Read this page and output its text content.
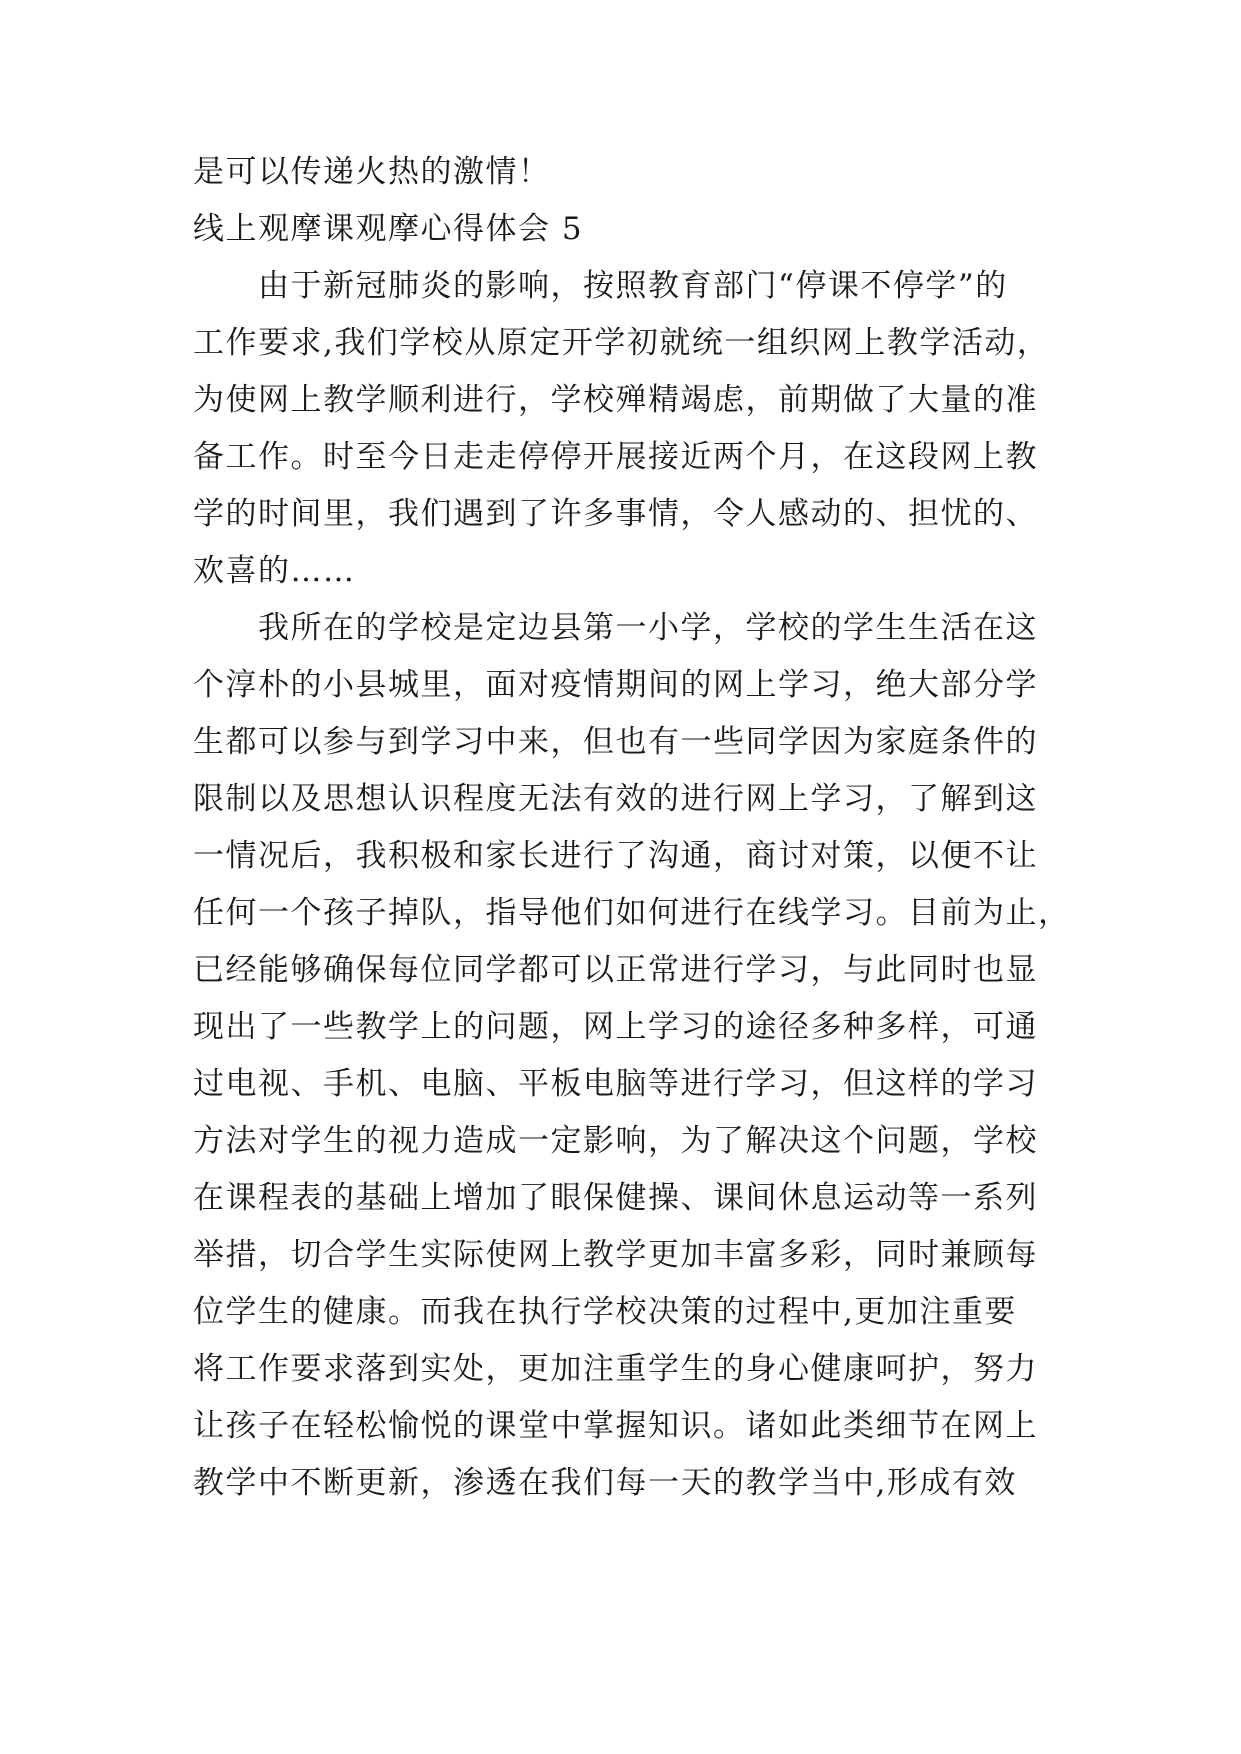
是可以传递火热的激情！
线上观摩课观摩心得体会 5
由于新冠肺炎的影响，按照教育部门“停课不停学”的
工作要求,我们学校从原定开学初就统一组织网上教学活动，
为使网上教学顺利进行，学校殚精竭虑，前期做了大量的准
备工作。时至今日走走停停开展接近两个月，在这段网上教
学的时间里，我们遇到了许多事情，令人感动的、担忧的、
欢喜的……
我所在的学校是定边县第一小学，学校的学生生活在这
个淳朴的小县城里，面对疫情期间的网上学习，绝大部分学
生都可以参与到学习中来，但也有一些同学因为家庭条件的
限制以及思想认识程度无法有效的进行网上学习，了解到这
一情况后，我积极和家长进行了沟通，商讨对策，以便不让
任何一个孩子掉队，指导他们如何进行在线学习。目前为止，
已经能够确保每位同学都可以正常进行学习，与此同时也显
现出了一些教学上的问题，网上学习的途径多种多样，可通
过电视、手机、电脑、平板电脑等进行学习，但这样的学习
方法对学生的视力造成一定影响，为了解决这个问题，学校
在课程表的基础上增加了眼保健操、课间休息运动等一系列
举措，切合学生实际使网上教学更加丰富多彩，同时兼顾每
位学生的健康。而我在执行学校决策的过程中,更加注重要
将工作要求落到实处，更加注重学生的身心健康呵护，努力
让孩子在轻松愉悦的课堂中掌握知识。诸如此类细节在网上
教学中不断更新，渗透在我们每一天的教学当中,形成有效
